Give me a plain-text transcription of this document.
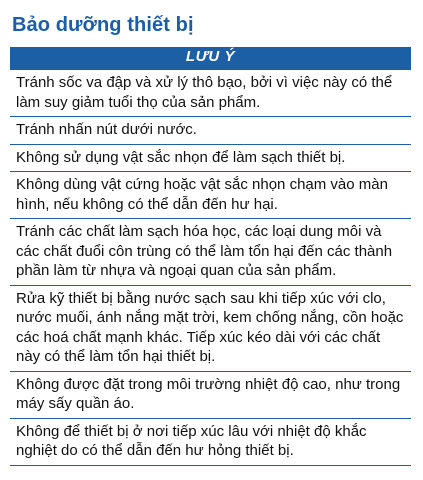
Bảo dưỡng thiết bị
LƯU Ý
Tránh sốc va đập và xử lý thô bạo, bởi vì việc này có thể làm suy giảm tuổi thọ của sản phẩm.
Tránh nhấn nút dưới nước.
Không sử dụng vật sắc nhọn để làm sạch thiết bị.
Không dùng vật cứng hoặc vật sắc nhọn chạm vào màn hình, nếu không có thể dẫn đến hư hại.
Tránh các chất làm sạch hóa học, các loại dung môi và các chất đuổi côn trùng có thể làm tổn hại đến các thành phần làm từ nhựa và ngoại quan của sản phẩm.
Rửa kỹ thiết bị bằng nước sạch sau khi tiếp xúc với clo, nước muối, ánh nắng mặt trời, kem chống nắng, cồn hoặc các hoá chất mạnh khác. Tiếp xúc kéo dài với các chất này có thể làm tổn hại thiết bị.
Không được đặt trong môi trường nhiệt độ cao, như trong máy sấy quần áo.
Không để thiết bị ở nơi tiếp xúc lâu với nhiệt độ khắc nghiệt do có thể dẫn đến hư hỏng thiết bị.
